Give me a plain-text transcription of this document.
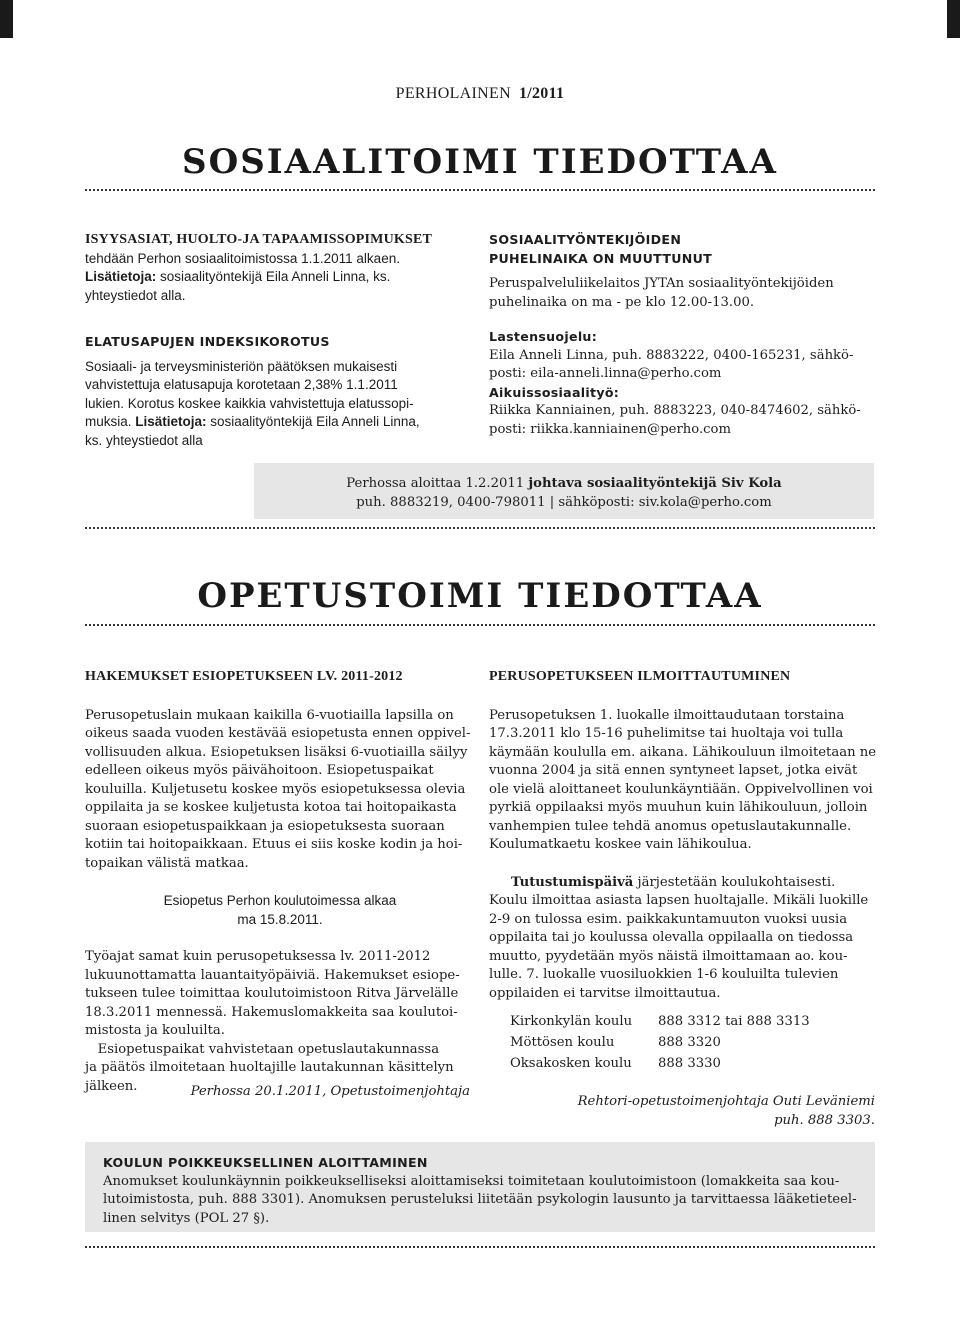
PERHOLAINEN 1/2011
SOSIAALITOIMI TIEDOTTAA

ISYYSASIAT, HUOLTO-JA TAPAAMISSOPIMUKSET

tehdään Perhon sosiaalitoimistossa 1.1.2011 alkaen.

Lisätietoja: sosiaalityöntekijä Eila Anneli Linna, ks.

yhteystiedot alla.

ELATUSAPUJEN INDEKSIKOROTUS

Sosiaali- ja terveysministeriön päätöksen mukaisesti

vahvistettuja elatusapuja korotetaan 2,38% 1.1.2011

lukien. Korotus koskee kaikkia vahvistettuja elatussopi-

muksia. Lisätietoja: sosiaalityöntekijä Eila Anneli Linna,

ks. yhteystiedot alla

SOSIAALITYÖNTEKIJÖIDEN

PUHELINAIKA ON MUUTTUNUT

Peruspalveluliikelaitos JYTAn sosiaalityöntekijöiden

puhelinaika on ma - pe klo 12.00-13.00.

Lastensuojelu:

Eila Anneli Linna, puh. 8883222, 0400-165231, sähkö-

posti: eila-anneli.linna@perho.com

Aikuissosiaalityö:

Riikka Kanniainen, puh. 8883223, 040-8474602, sähkö-

posti: riikka.kanniainen@perho.com

Perhossa aloittaa 1.2.2011 johtava sosiaalityöntekijä Siv Kola

puh. 8883219, 0400-798011 | sähköposti: siv.kola@perho.com

OPETUSTOIMI TIEDOTTAA

HAKEMUKSET ESIOPETUKSEEN LV. 2011-2012

Perusopetuslain mukaan kaikilla 6-vuotiailla lapsilla on

oikeus saada vuoden kestävää esiopetusta ennen oppivel-

vollisuuden alkua. Esiopetuksen lisäksi 6-vuotiailla säilyy

edelleen oikeus myös päivähoitoon. Esiopetuspaikat

kouluilla. Kuljetusetu koskee myös esiopetuksessa olevia

oppilaita ja se koskee kuljetusta kotoa tai hoitopaikasta

suoraan esiopetuspaikkaan ja esiopetuksesta suoraan

kotiin tai hoitopaikkaan. Etuus ei siis koske kodin ja hoi-

topaikan välistä matkaa.

Esiopetus Perhon koulutoimessa alkaa

ma 15.8.2011.

Työajat samat kuin perusopetuksessa lv. 2011-2012

lukuunottamatta lauantaityöpäiviä. Hakemukset esiope-

tukseen tulee toimittaa koulutoimistoon Ritva Järvelälle

18.3.2011 mennessä. Hakemuslomakkeita saa koulutoi-

mistosta ja kouluilta.

Esiopetuspaikat vahvistetaan opetuslautakunnassa

ja päätös ilmoitetaan huoltajille lautakunnan käsittelyn

jälkeen.	Perhossa 20.1.2011, Opetustoimenjohtaja

PERUSOPETUKSEEN ILMOITTAUTUMINEN

Perusopetuksen 1. luokalle ilmoittaudutaan torstaina

17.3.2011 klo 15-16 puhelimitse tai huoltaja voi tulla

käymään koululla em. aikana. Lähikouluun ilmoitetaan ne

vuonna 2004 ja sitä ennen syntyneet lapset, jotka eivät

ole vielä aloittaneet koulunkäyntiään. Oppivelvollinen voi

pyrkiä oppilaaksi myös muuhun kuin lähikouluun, jolloin

vanhempien tulee tehdä anomus opetuslautakunnalle.

Koulumatkaetu koskee vain lähikoulua.

Tutustumispäivä järjestetään koulukohtaisesti.

Koulu ilmoittaa asiasta lapsen huoltajalle. Mikäli luokille

2-9 on tulossa esim. paikkakuntamuuton vuoksi uusia

oppilaita tai jo koulussa olevalla oppilaalla on tiedossa

muutto, pyydetään myös näistä ilmoittamaan ao. kou-

lulle. 7. luokalle vuosiluokkien 1-6 kouluilta tulevien

oppilaiden ei tarvitse ilmoittautua.

Kirkonkylän koulu	888 3312 tai 888 3313
Möttösen koulu	888 3320
Oksakosken koulu	888 3330

Rehtori-opetustoimenjohtaja Outi Leväniemi

puh. 888 3303.

KOULUN POIKKEUKSELLINEN ALOITTAMINEN

Anomukset koulunkäynnin poikkeukselliseksi aloittamiseksi toimitetaan koulutoimistoon (lomakkeita saa kou-

lutoimistosta, puh. 888 3301). Anomuksen perusteluksi liitetään psykologin lausunto ja tarvittaessa lääketieteel-

linen selvitys (POL 27 §).
